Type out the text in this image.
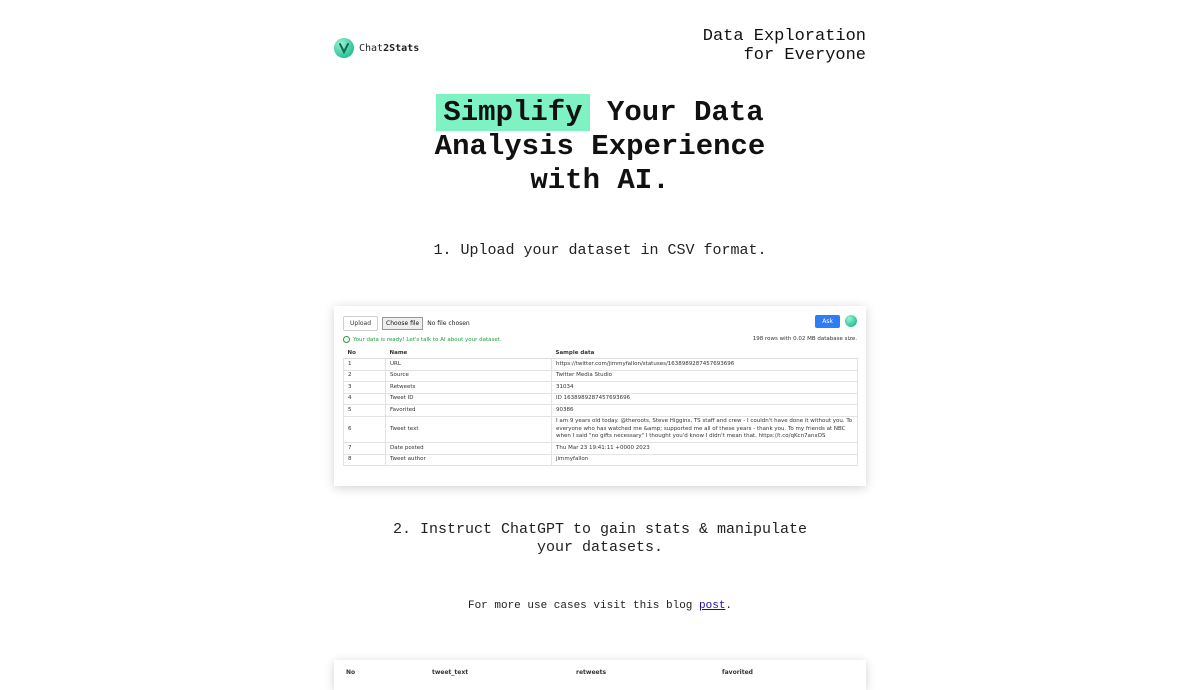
Chat2Stats
Data Exploration
for Everyone
Simplify Your Data
Analysis Experience
with AI.
1. Upload your dataset in CSV format.
Upload	Choose file	No file chosen	Ask
Your data is ready! Let's talk to AI about your dataset.	198 rows with 0.02 MB database size.
No	Name	Sample data
1	URL	https://twitter.com/jimmyfallon/statuses/1638989287457693696
2	Source	Twitter Media Studio
3	Retweets	31034
4	Tweet ID	ID 1638989287457693696
5	Favorited	90386
6	Tweet text	I am 9 years old today. @theroots, Steve Higgins, TS staff and crew - I couldn't have done it without you. To everyone who has watched me &amp; supported me all of these years - thank you. To my friends at NBC when I said "no gifts necessary" I thought you'd know I didn't mean that. https://t.co/qKcn7anxOS
7	Date posted	Thu Mar 23 19:41:11 +0000 2023
8	Tweet author	jimmyfallon
2. Instruct ChatGPT to gain stats & manipulate
your datasets.
For more use cases visit this blog post.
No	tweet_text	retweets	favorited
